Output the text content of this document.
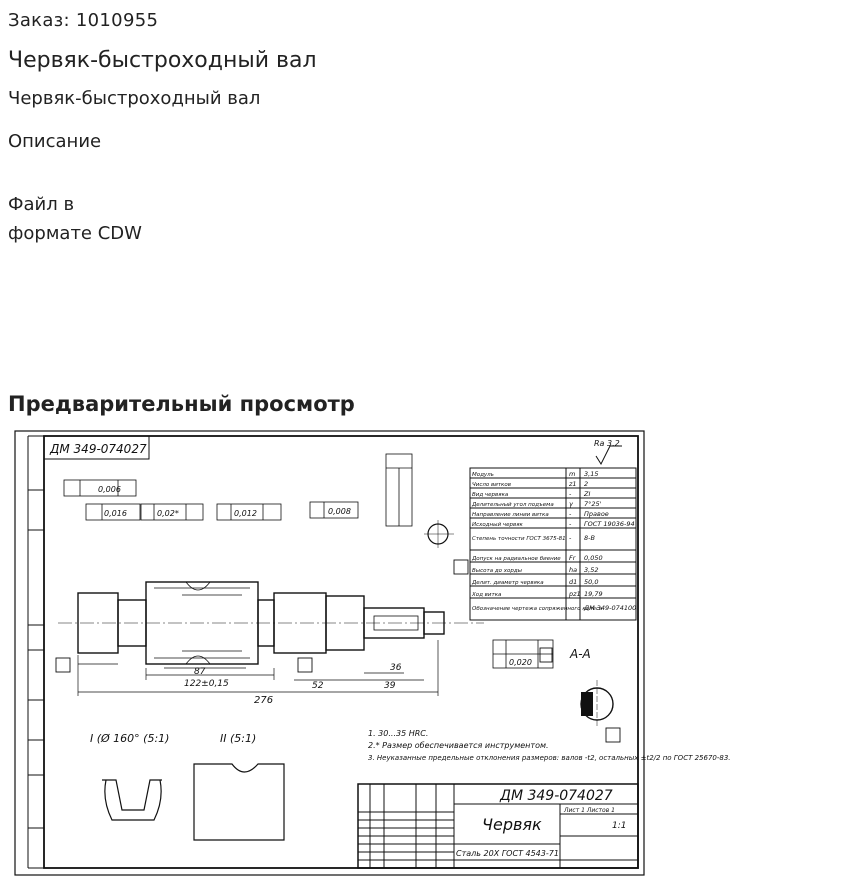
Заказ: 1010955
Червяк-быстроходный вал
Червяк-быстроходный вал
Описание
Файл в
формате CDW
Предварительный просмотр
ДМ 349-074027	Ra 3.2
Модуль	m 3,15
Число витков	z1 2
Вид червяка	- ZI
Делительный угол подъема γ 7°25'
Направление линии витка	- Правое
Исходный червяк	- ГОСТ 19036-94
Степень точности ГОСТ 3675-81 - 8-В
Допуск на радиальное биение Fr 0,050
Высота до хорды	hа 3,52
Делит. диаметр червяка	d1 50,0
Ход витка	pz1 19,79
Обозначение чертежа сопряженного колеса
ДМ 349-074100
276
122±0,15
87
52	39
36
0,006
0,016	0,02*	0,012	0,008
0,020
А-А
I (Ø 160° (5:1)	II (5:1)	1. 30...35 HRC.
2.* Размер обеспечивается инструментом.
3. Неуказанные предельные отклонения размеров: валов -t2, остальных ±t2/2 по ГОСТ 25670-83.
ДМ 349-074027
Червяк
Сталь 20Х ГОСТ 4543-71
Лист 1 Листов 1
1:1
